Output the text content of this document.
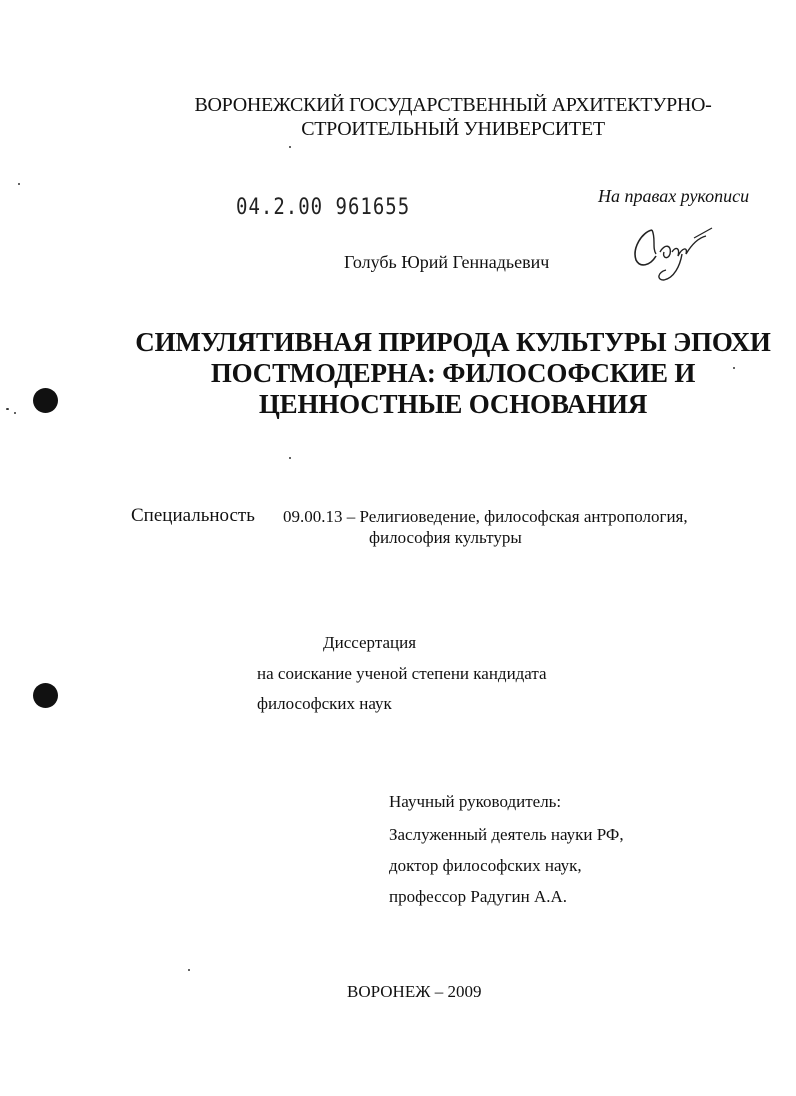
ВОРОНЕЖСКИЙ ГОСУДАРСТВЕННЫЙ АРХИТЕКТУРНО-
СТРОИТЕЛЬНЫЙ УНИВЕРСИТЕТ
04.2.00 961655	На правах рукописи
Голубь Юрий Геннадьевич
СИМУЛЯТИВНАЯ ПРИРОДА КУЛЬТУРЫ ЭПОХИ
ПОСТМОДЕРНА: ФИЛОСОФСКИЕ И
ЦЕННОСТНЫЕ ОСНОВАНИЯ
Специальность 09.00.13 – Религиоведение, философская антропология,
философия культуры
Диссертация
на соискание ученой степени кандидата
философских наук
Научный руководитель:
Заслуженный деятель науки РФ,
доктор философских наук,
профессор Радугин А.А.
ВОРОНЕЖ – 2009
